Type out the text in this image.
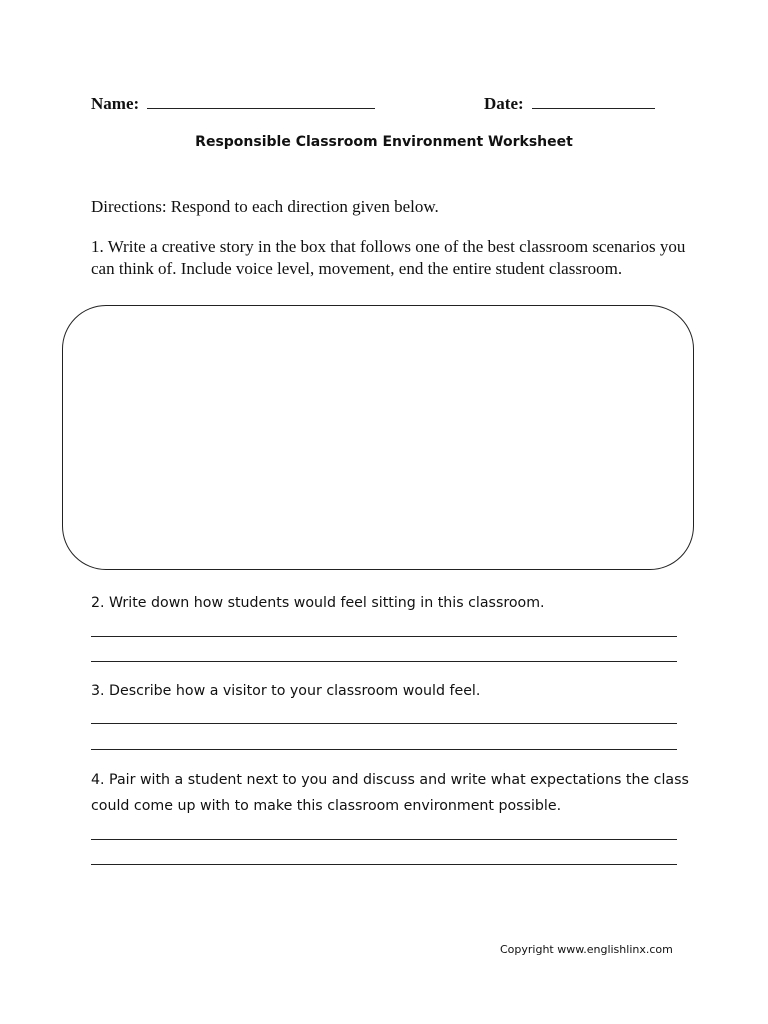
Name:	Date:
Responsible Classroom Environment Worksheet
Directions: Respond to each direction given below.
1. Write a creative story in the box that follows one of the best classroom scenarios you can think of. Include voice level, movement, end the entire student classroom.
2. Write down how students would feel sitting in this classroom.
3. Describe how a visitor to your classroom would feel.
4. Pair with a student next to you and discuss and write what expectations the class could come up with to make this classroom environment possible.
Copyright www.englishlinx.com
